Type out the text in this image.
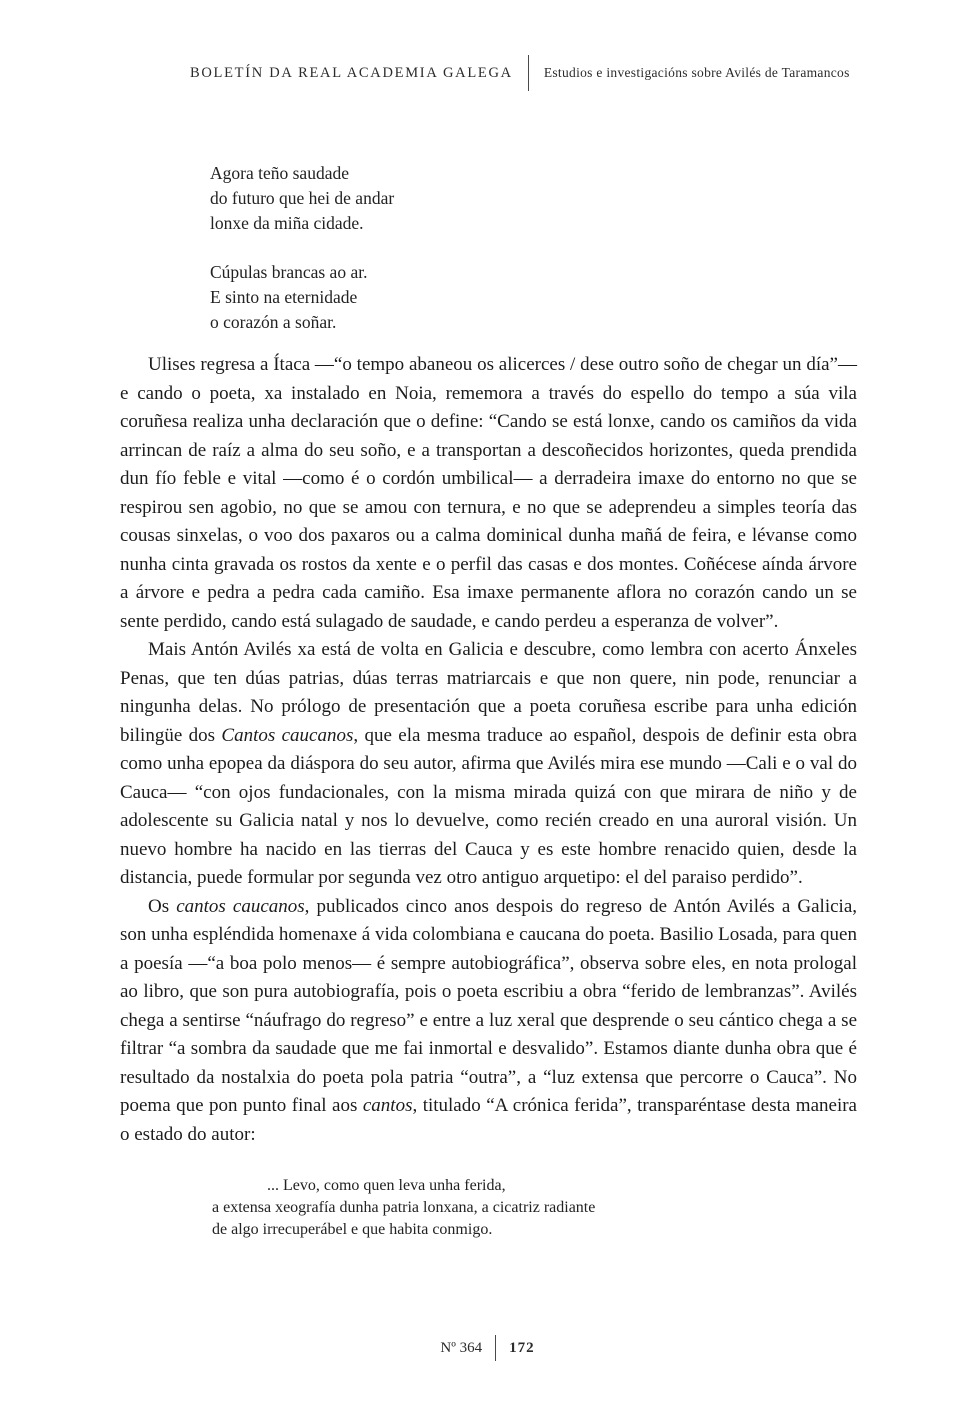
BOLETÍN DA REAL ACADEMIA GALEGA Estudios e investigacións sobre Avilés de Taramancos
Agora teño saudade
do futuro que hei de andar
lonxe da miña cidade.
Cúpulas brancas ao ar.
E sinto na eternidade
o corazón a soñar.

Ulises regresa a Ítaca —“o tempo abaneou os alicerces / dese outro soño de chegar un día”— e cando o poeta, xa instalado en Noia, rememora a través do espello do tempo a súa vila coruñesa realiza unha declaración que o define: “Cando se está lonxe, cando os camiños da vida arrincan de raíz a alma do seu soño, e a transportan a descoñecidos horizontes, queda prendida dun fío feble e vital —como é o cordón umbilical— a derradeira imaxe do entorno no que se respirou sen agobio, no que se amou con ternura, e no que se adeprendeu a simples teoría das cousas sinxelas, o voo dos paxaros ou a calma dominical dunha mañá de feira, e lévanse como nunha cinta gravada os rostos da xente e o perfil das casas e dos montes. Coñécese aínda árvore a árvore e pedra a pedra cada camiño. Esa imaxe permanente aflora no corazón cando un se sente perdido, cando está sulagado de saudade, e cando perdeu a esperanza de volver”.

Mais Antón Avilés xa está de volta en Galicia e descubre, como lembra con acerto Ánxeles Penas, que ten dúas patrias, dúas terras matriarcais e que non quere, nin pode, renunciar a ningunha delas. No prólogo de presentación que a poeta coruñesa escribe para unha edición bilingüe dos Cantos caucanos, que ela mesma traduce ao español, despois de definir esta obra como unha epopea da diáspora do seu autor, afirma que Avilés mira ese mundo —Cali e o val do Cauca— “con ojos fundacionales, con la misma mirada quizá con que mirara de niño y de adolescente su Galicia natal y nos lo devuelve, como recién creado en una auroral visión. Un nuevo hombre ha nacido en las tierras del Cauca y es este hombre renacido quien, desde la distancia, puede formular por segunda vez otro antiguo arquetipo: el del paraiso perdido”.

Os cantos caucanos, publicados cinco anos despois do regreso de Antón Avilés a Galicia, son unha espléndida homenaxe á vida colombiana e caucana do poeta. Basilio Losada, para quen a poesía —“a boa polo menos— é sempre autobiográfica”, observa sobre eles, en nota prologal ao libro, que son pura autobiografía, pois o poeta escribiu a obra “ferido de lembranzas”. Avilés chega a sentirse “náufrago do regreso” e entre a luz xeral que desprende o seu cántico chega a se filtrar “a sombra da saudade que me fai inmortal e desvalido”. Estamos diante dunha obra que é resultado da nostalxia do poeta pola patria “outra”, a “luz extensa que percorre o Cauca”. No poema que pon punto final aos cantos, titulado “A crónica ferida”, transparéntase desta maneira o estado do autor:

... Levo, como quen leva unha ferida,
a extensa xeografía dunha patria lonxana, a cicatriz radiante
de algo irrecuperábel e que habita conmigo.
Nº 364 172
